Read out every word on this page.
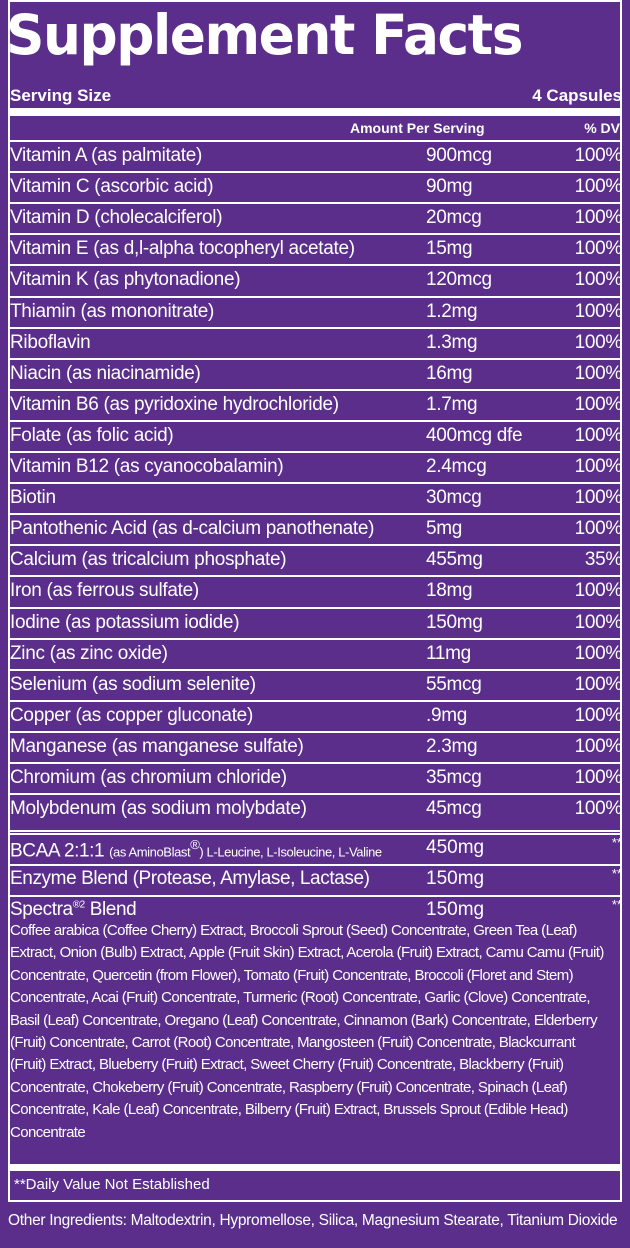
Supplement Facts
Serving Size	4 Capsules
Amount Per Serving	% DV
Vitamin A (as palmitate)	900mcg	100%
Vitamin C (ascorbic acid)	90mg	100%
Vitamin D (cholecalciferol)	20mcg	100%
Vitamin E (as d,l-alpha tocopheryl acetate)	15mg	100%
Vitamin K (as phytonadione)	120mcg	100%
Thiamin (as mononitrate)	1.2mg	100%
Riboflavin	1.3mg	100%
Niacin (as niacinamide)	16mg	100%
Vitamin B6 (as pyridoxine hydrochloride)	1.7mg	100%
Folate (as folic acid)	400mcg dfe	100%
Vitamin B12 (as cyanocobalamin)	2.4mcg	100%
Biotin	30mcg	100%
Pantothenic Acid (as d-calcium panothenate)	5mg	100%
Calcium (as tricalcium phosphate)	455mg	35%
Iron (as ferrous sulfate)	18mg	100%
Iodine (as potassium iodide)	150mg	100%
Zinc (as zinc oxide)	11mg	100%
Selenium (as sodium selenite)	55mcg	100%
Copper (as copper gluconate)	.9mg	100%
Manganese (as manganese sulfate)	2.3mg	100%
Chromium (as chromium chloride)	35mcg	100%
Molybdenum (as sodium molybdate)	45mcg	100%
BCAA 2:1:1 (as AminoBlast®) L-Leucine, L-Isoleucine, L-Valine 450mg	**
Enzyme Blend (Protease, Amylase, Lactase)	150mg	**
Spectra$^{®2}$ Blend	150mg	**
Coffee arabica (Coffee Cherry) Extract, Broccoli Sprout (Seed) Concentrate, Green Tea (Leaf) Extract, Onion (Bulb) Extract, Apple (Fruit Skin) Extract, Acerola (Fruit) Extract, Camu Camu (Fruit) Concentrate, Quercetin (from Flower), Tomato (Fruit) Concentrate, Broccoli (Floret and Stem) Concentrate, Acai (Fruit) Concentrate, Turmeric (Root) Concentrate, Garlic (Clove) Concentrate, Basil (Leaf) Concentrate, Oregano (Leaf) Concentrate, Cinnamon (Bark) Concentrate, Elderberry (Fruit) Concentrate, Carrot (Root) Concentrate, Mangosteen (Fruit) Concentrate, Blackcurrant (Fruit) Extract, Blueberry (Fruit) Extract, Sweet Cherry (Fruit) Concentrate, Blackberry (Fruit) Concentrate, Chokeberry (Fruit) Concentrate, Raspberry (Fruit) Concentrate, Spinach (Leaf) Concentrate, Kale (Leaf) Concentrate, Bilberry (Fruit) Extract, Brussels Sprout (Edible Head) Concentrate
**Daily Value Not Established
Other Ingredients: Maltodextrin, Hypromellose, Silica, Magnesium Stearate, Titanium Dioxide
